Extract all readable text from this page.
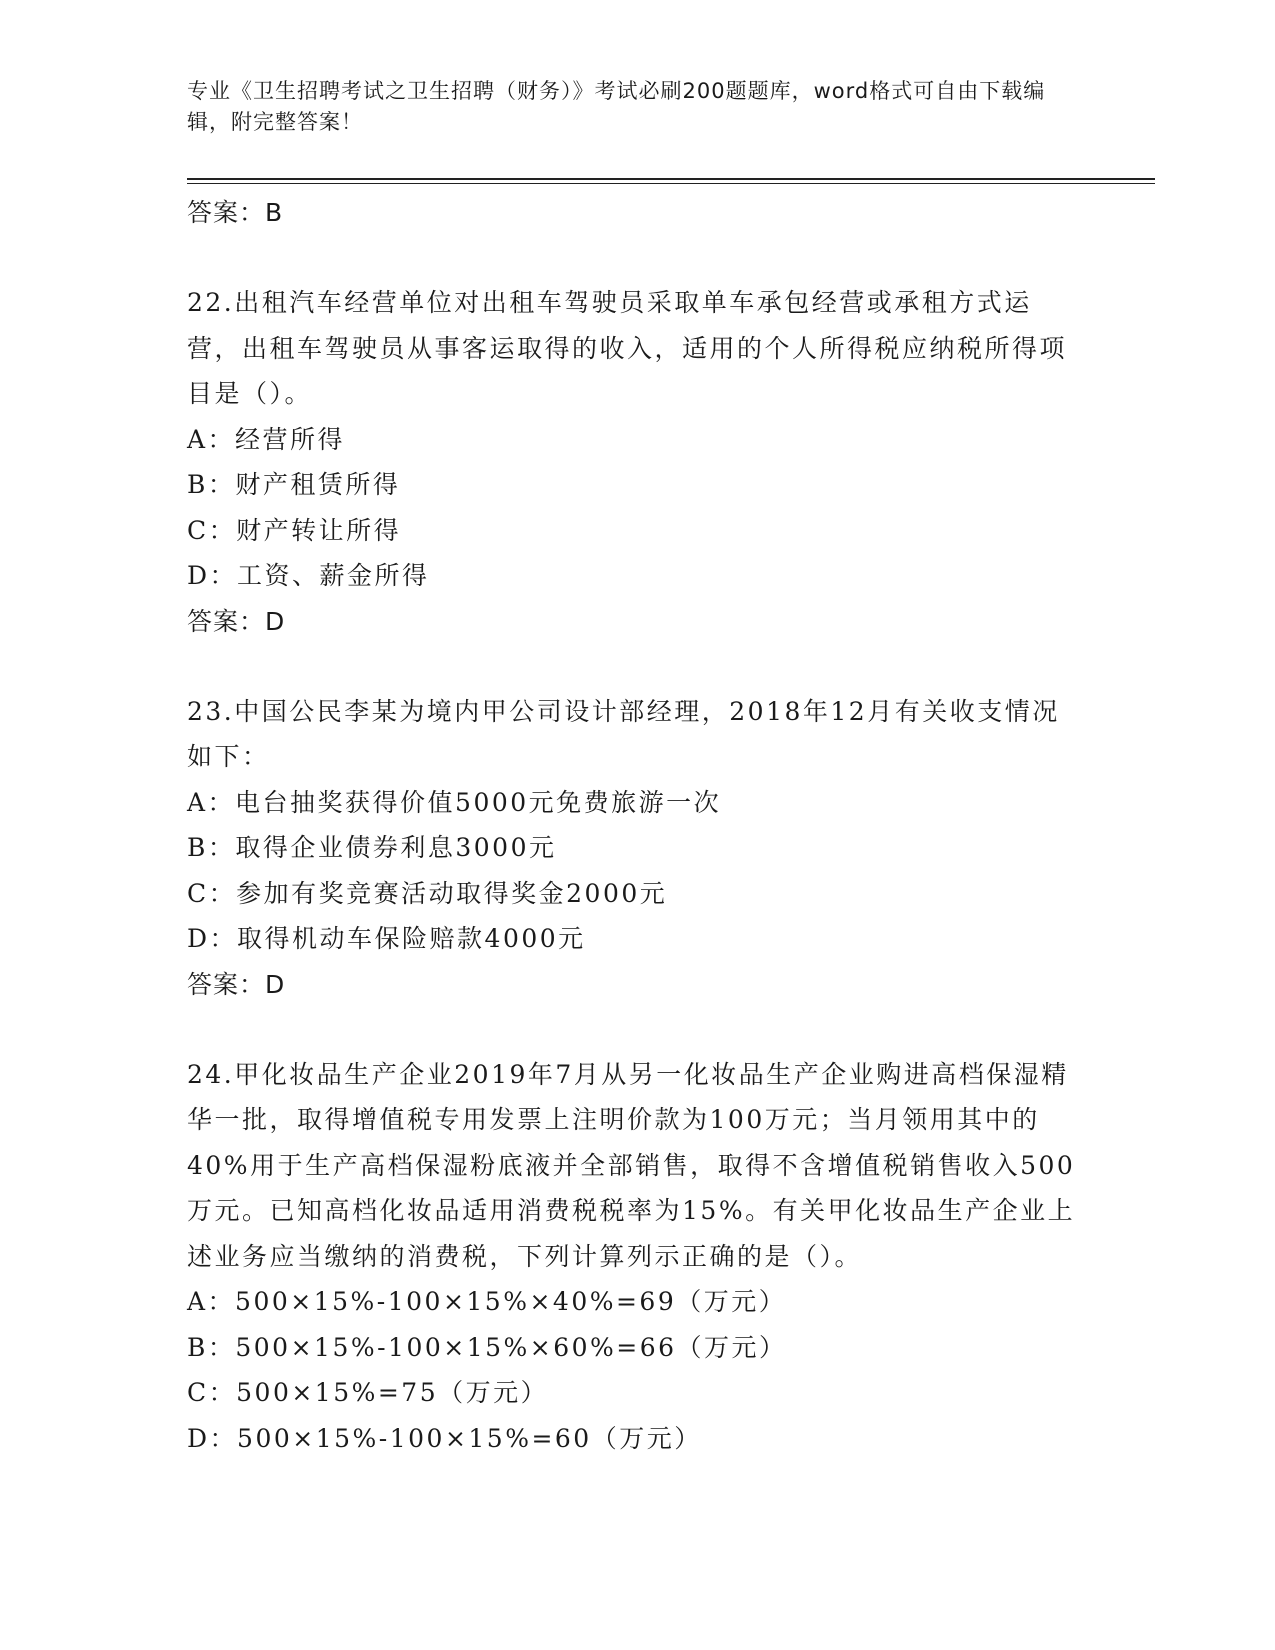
专业《卫生招聘考试之卫生招聘（财务）》考试必刷200题题库，word格式可自由下载编辑，附完整答案！

答案：B

22.出租汽车经营单位对出租车驾驶员采取单车承包经营或承租方式运营，出租车驾驶员从事客运取得的收入，适用的个人所得税应纳税所得项目是（）。

A：经营所得

B：财产租赁所得

C：财产转让所得

D：工资、薪金所得

答案：D

23.中国公民李某为境内甲公司设计部经理，2018年12月有关收支情况如下：

A：电台抽奖获得价值5000元免费旅游一次

B：取得企业债券利息3000元

C：参加有奖竞赛活动取得奖金2000元

D：取得机动车保险赔款4000元

答案：D

24.甲化妆品生产企业2019年7月从另一化妆品生产企业购进高档保湿精华一批，取得增值税专用发票上注明价款为100万元；当月领用其中的40%用于生产高档保湿粉底液并全部销售，取得不含增值税销售收入500万元。已知高档化妆品适用消费税税率为15%。有关甲化妆品生产企业上述业务应当缴纳的消费税，下列计算列示正确的是（）。

A：500×15%-100×15%×40%=69（万元）

B：500×15%-100×15%×60%=66（万元）

C：500×15%=75（万元）

D：500×15%-100×15%=60（万元）
